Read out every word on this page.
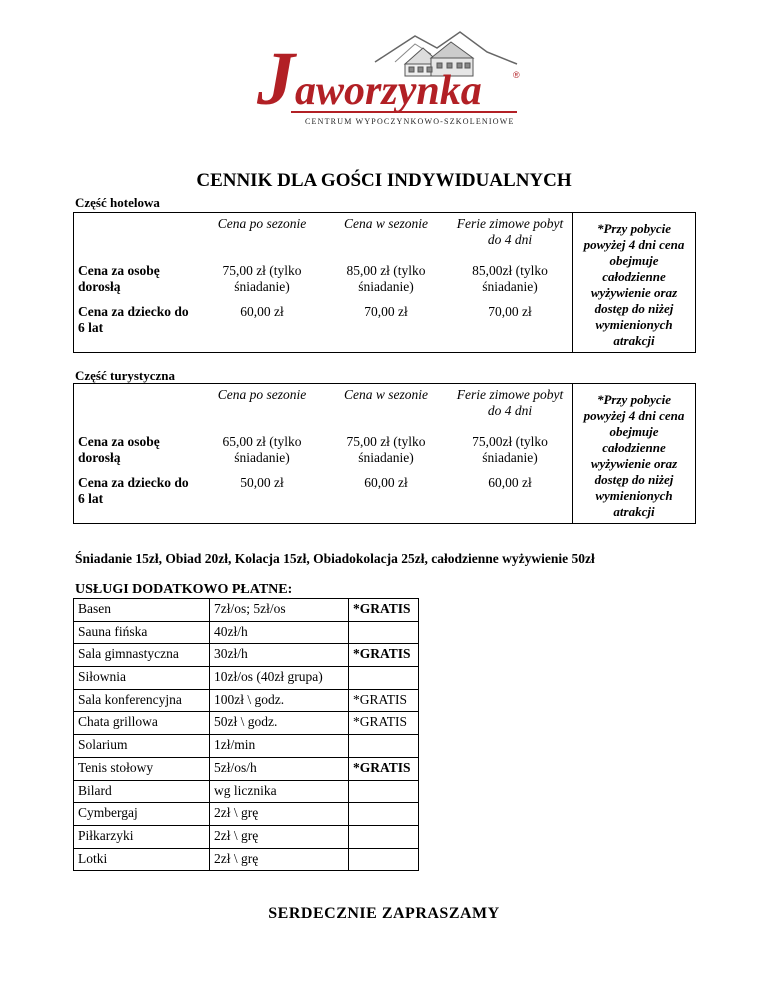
J aworzynka	®
CENTRUM WYPOCZYNKOWO-SZKOLENIOWE
CENNIK DLA GOŚCI INDYWIDUALNYCH
Część hotelowa
	Cena po sezonie	Cena w sezonie	Ferie zimowe pobyt do 4 dni	*Przy pobycie powyżej 4 dni cena obejmuje całodzienne wyżywienie oraz dostęp do niżej wymienionych atrakcji
Cena za osobę dorosłą	75,00 zł (tylko śniadanie)	85,00 zł (tylko śniadanie)	85,00zł (tylko śniadanie)	
Cena za dziecko do 6 lat	60,00 zł	70,00 zł	70,00 zł	
Część turystyczna
	Cena po sezonie	Cena w sezonie	Ferie zimowe pobyt do 4 dni	*Przy pobycie powyżej 4 dni cena obejmuje całodzienne wyżywienie oraz dostęp do niżej wymienionych atrakcji
Cena za osobę dorosłą	65,00 zł (tylko śniadanie)	75,00 zł (tylko śniadanie)	75,00zł (tylko śniadanie)	
Cena za dziecko do 6 lat	50,00 zł	60,00 zł	60,00 zł	
Śniadanie 15zł, Obiad 20zł, Kolacja 15zł, Obiadokolacja 25zł, całodzienne wyżywienie 50zł
USŁUGI DODATKOWO PŁATNE:
Basen	7zł/os; 5zł/os	*GRATIS
Sauna fińska	40zł/h	
Sala gimnastyczna	30zł/h	*GRATIS
Siłownia	10zł/os (40zł grupa)	
Sala konferencyjna	100zł \ godz.	*GRATIS
Chata grillowa	50zł \ godz.	*GRATIS
Solarium	1zł/min	
Tenis stołowy	5zł/os/h	*GRATIS
Bilard	wg licznika	
Cymbergaj	2zł \ grę	
Piłkarzyki	2zł \ grę	
Lotki	2zł \ grę	
SERDECZNIE ZAPRASZAMY
